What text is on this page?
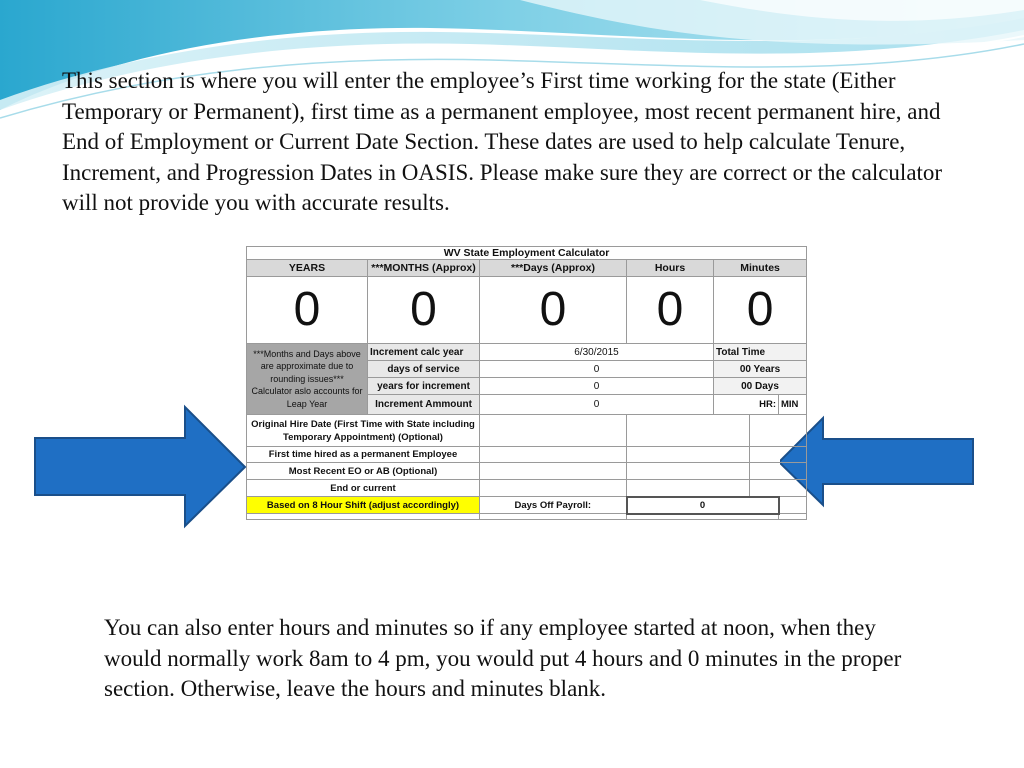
This section is where you will enter the employee’s First time working for the state (Either Temporary or Permanent), first time as a permanent employee, most recent permanent hire, and End of Employment or Current Date Section. These dates are used to help calculate Tenure, Increment, and Progression Dates in OASIS. Please make sure they are correct or the calculator will not provide you with accurate results.

WV State Employment Calculator						
YEARS	***MONTHS (Approx)	***Days (Approx)	Hours	Minutes		
0	0	0	0	0		
***Months and Days above are approximate due to rounding issues*** Calculator aslo accounts for Leap Year	Increment calc year	6/30/2015		Total Time		
	days of service	0		00 Years		
	years for increment	0		00 Days		
	Increment Ammount	0		HR:		MIN
Original Hire Date (First Time with State including Temporary Appointment) (Optional)						
First time hired as a permanent Employee						
Most Recent EO or AB (Optional)						
End or current						
Based on 8 Hour Shift (adjust accordingly)		Days Off Payroll:	0			

You can also enter hours and minutes so if any employee started at noon, when they would normally work 8am to 4 pm, you would put 4 hours and 0 minutes in the proper section. Otherwise, leave the hours and minutes blank.
